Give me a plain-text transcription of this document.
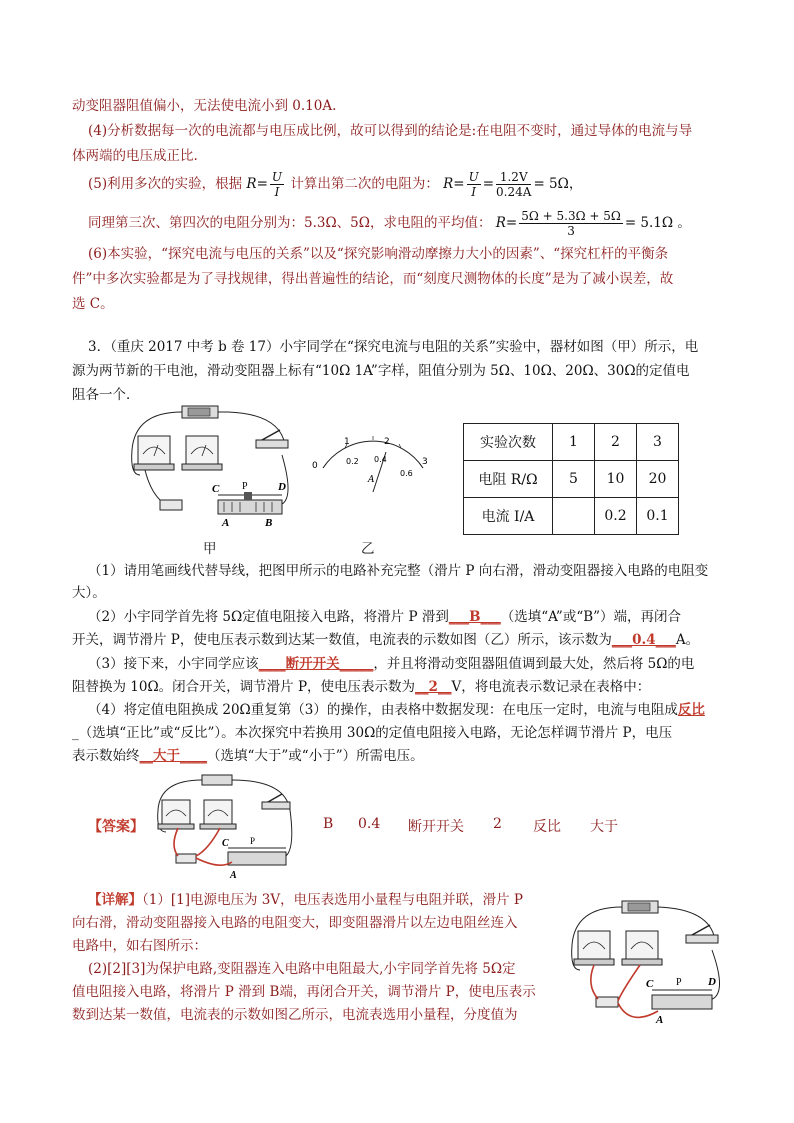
动变阻器阻值偏小，无法使电流小到 0.10A.
(4)分析数据每一次的电流都与电压成比例，故可以得到的结论是:在电阻不变时，通过导体的电流与导
体两端的电压成正比.
(5)利用多次的实验，根据 $R= \frac{U}{I}$ 计算出第二次的电阻为： $R= \frac{U}{I} = \frac{1.2V}{0.24A} = 5\Omega$，
同理第三次、第四次的电阻分别为：5.3Ω、5Ω，求电阻的平均值： $R= \frac{5\Omega + 5.3\Omega + 5\Omega}{3} = 5.1\Omega$ 。
(6)本实验，“探究电流与电压的关系”以及“探究影响滑动摩擦力大小的因素”、“探究杠杆的平衡条
件”中多次实验都是为了寻找规律，得出普遍性的结论，而“刻度尺测物体的长度”是为了减小误差，故
选 C。
3．（重庆 2017 中考 b 卷 17）小宇同学在“探究电流与电阻的关系”实验中，器材如图（甲）所示，电
源为两节新的干电池，滑动变阻器上标有“10Ω 1A”字样，阻值分别为 5Ω、10Ω、20Ω、30Ω的定值电
阻各一个．
C P	D
A	B
甲
0
1	2
3
0.2 0.4
0.6
A
乙
实验次数	1	2	3
电阻 R/Ω	5	10	20
电流 I/A		0.2	0.1
（1）请用笔画线代替导线，把图甲所示的电路补充完整（滑片 P 向右滑，滑动变阻器接入电路的电阻变
大）。
（2）小宇同学首先将 5Ω定值电阻接入电路，将滑片 P 滑到___B___（选填“A”或“B”）端，再闭合
开关，调节滑片 P，使电压表示数到达某一数值，电流表的示数如图（乙）所示，该示数为___0.4___A。
（3）接下来，小宇同学应该____断开开关_____，并且将滑动变阻器阻值调到最大处，然后将 5Ω的电
阻替换为 10Ω。闭合开关，调节滑片 P，使电压表示数为__2__V，将电流表示数记录在表格中：
（4）将定值电阻换成 20Ω重复第（3）的操作，由表格中数据发现：在电压一定时，电流与电阻成反比
_（选填“正比”或“反比”）。本次探究中若换用 30Ω的定值电阻接入电路，无论怎样调节滑片 P，电压
表示数始终__大于____（选填“大于”或“小于”）所需电压。
【答案】
C P
A
B 0.4 断开开关 2 反比 大于
【详解】（1）[1]电源电压为 3V，电压表选用小量程与电阻并联，滑片 P
向右滑，滑动变阻器接入电路的电阻变大，即变阻器滑片以左边电阻丝连入
电路中，如右图所示：
(2)[2][3]为保护电路,变阻器连入电路中电阻最大,小宇同学首先将 5Ω定
值电阻接入电路，将滑片 P 滑到 B端，再闭合开关，调节滑片 P，使电压表示
数到达某一数值，电流表的示数如图乙所示，电流表选用小量程，分度值为
C P D
A
